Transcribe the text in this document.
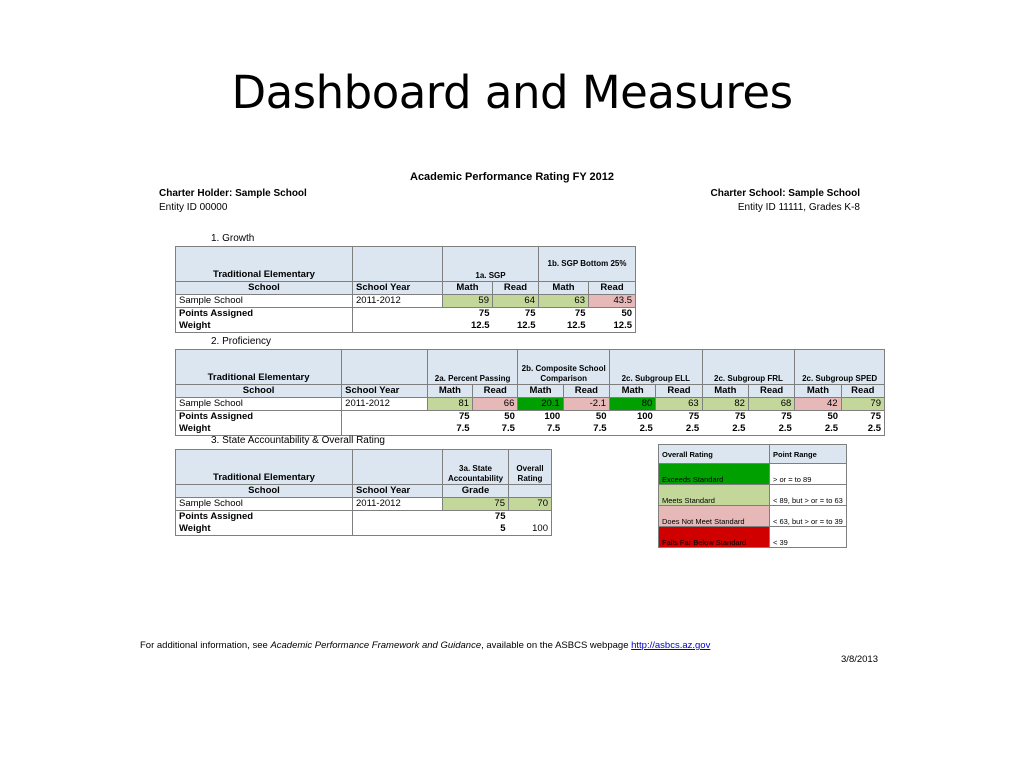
Dashboard and Measures
Academic Performance Rating FY 2012
Charter Holder: Sample School
Entity ID 00000
Charter School: Sample School
Entity ID 11111, Grades K-8
1. Growth
Traditional Elementary		1a. SGP		1b. SGP Bottom 25%	
School	School Year	Math	Read	Math	Read
Sample School	2011-2012	59	64	63	43.5
Points Assigned		75	75	75	50
Weight		12.5	12.5	12.5	12.5
2. Proficiency
Traditional Elementary		2a. Percent Passing		2b. Composite School Comparison		2c. Subgroup ELL		2c. Subgroup FRL		2c. Subgroup SPED	
School	School Year	Math	Read	Math	Read	Math	Read	Math	Read	Math	Read
Sample School	2011-2012	81	66	20.1	-2.1	80	63	82	68	42	79
Points Assigned		75	50	100	50	100	75	75	75	50	75
Weight		7.5	7.5	7.5	7.5	2.5	2.5	2.5	2.5	2.5	2.5
3. State Accountability & Overall Rating
Traditional Elementary		3a. State Accountability	Overall Rating
School	School Year	Grade	
Sample School	2011-2012	75	70
Points Assigned		75	
Weight		5	100
Overall Rating	Point Range
Exceeds Standard	> or = to 89
Meets Standard	< 89, but > or = to 63
Does Not Meet Standard	< 63, but > or = to 39
Falls Far Below Standard	< 39
For additional information, see Academic Performance Framework and Guidance, available on the ASBCS webpage http://asbcs.az.gov
3/8/2013
